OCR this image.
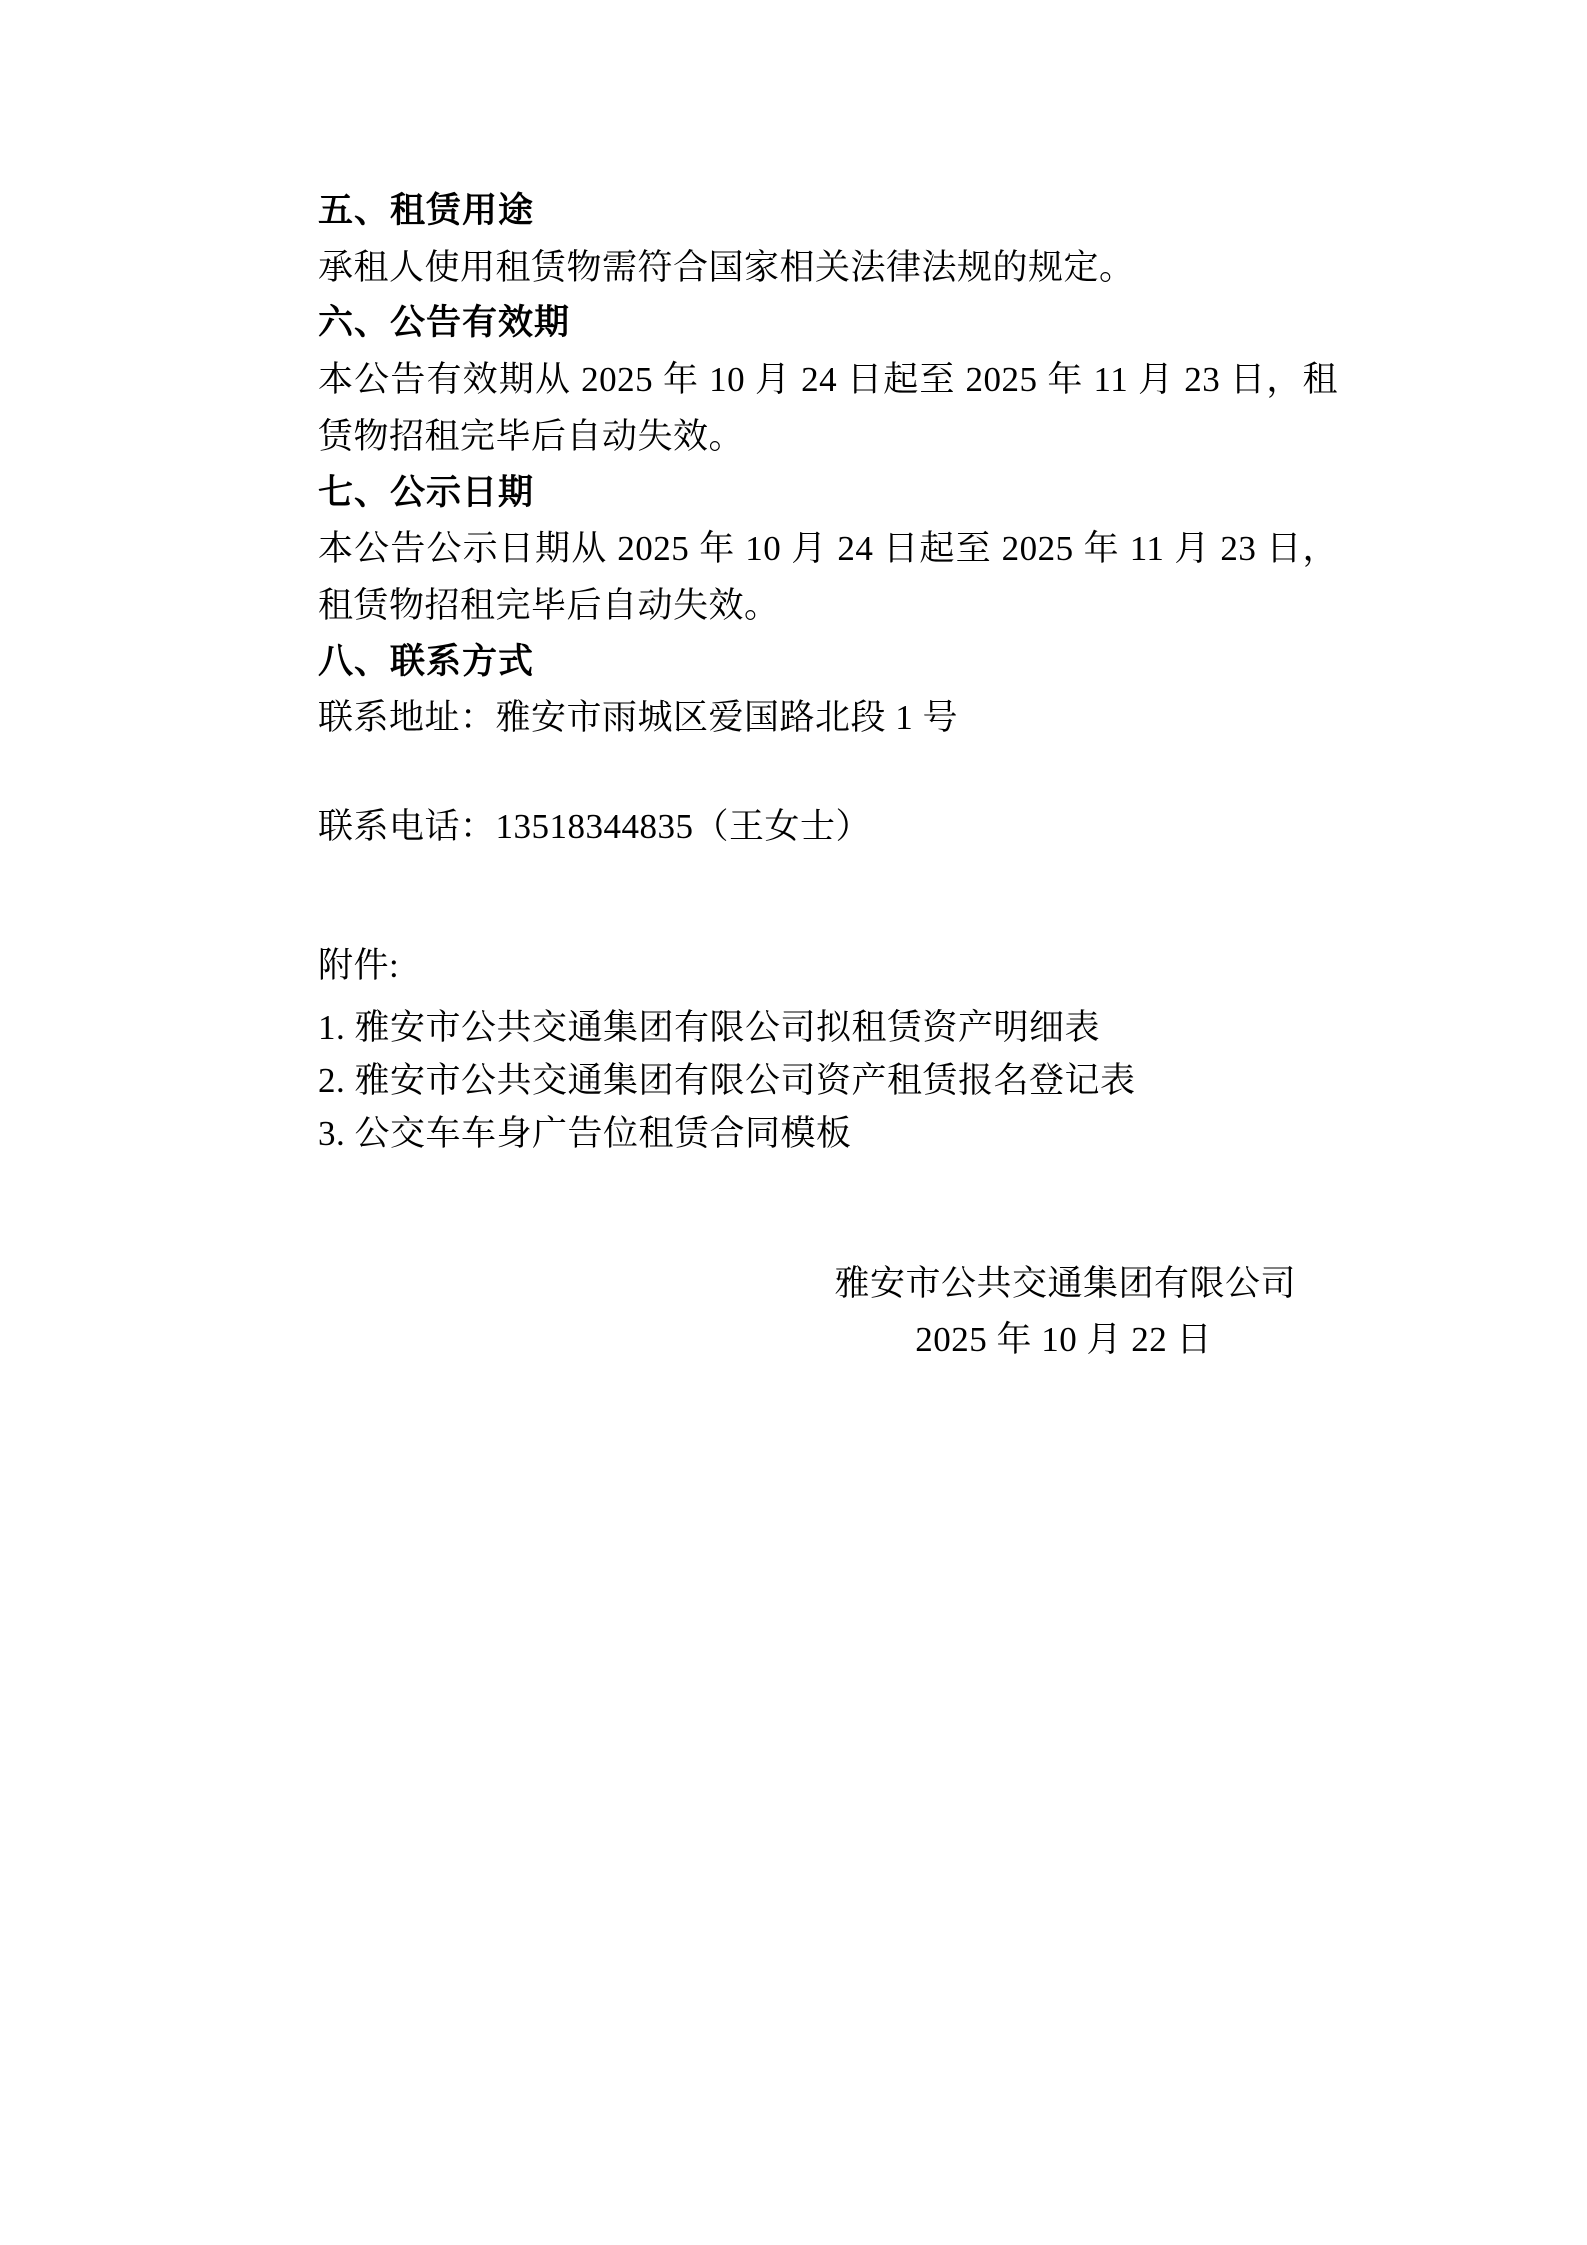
五、租赁用途

承租人使用租赁物需符合国家相关法律法规的规定。

六、公告有效期

本公告有效期从 2025 年 10 月 24 日起至 2025 年 11 月 23 日，租赁物招租完毕后自动失效。

七、公示日期

本公告公示日期从 2025 年 10 月 24 日起至 2025 年 11 月 23 日，租赁物招租完毕后自动失效。

八、联系方式

联系地址：雅安市雨城区爱国路北段 1 号

联系电话：13518344835（王女士）

附件:

1. 雅安市公共交通集团有限公司拟租赁资产明细表

2. 雅安市公共交通集团有限公司资产租赁报名登记表

3. 公交车车身广告位租赁合同模板

雅安市公共交通集团有限公司

2025 年 10 月 22 日
